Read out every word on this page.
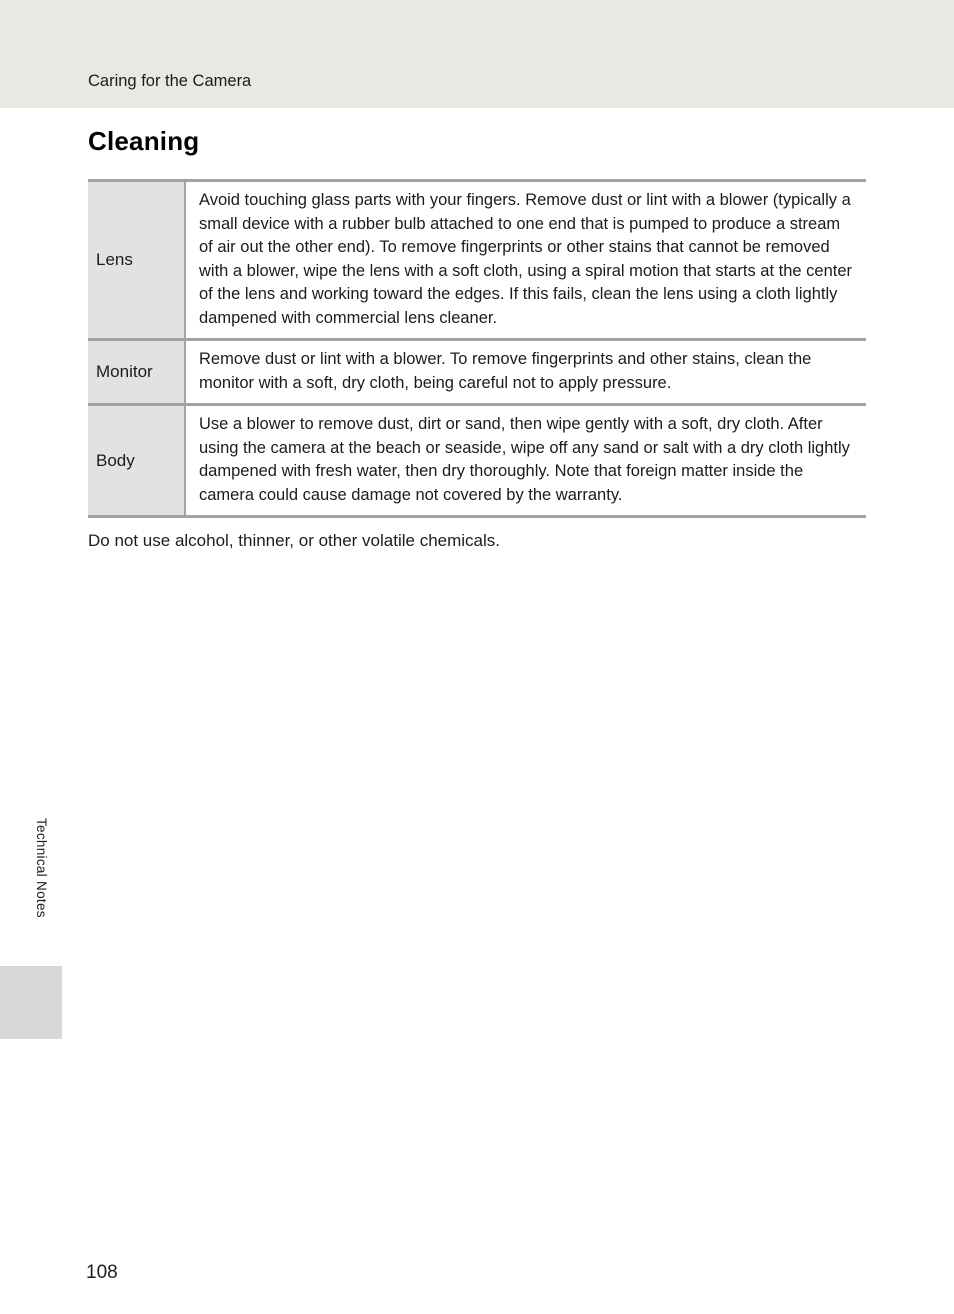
Caring for the Camera
Cleaning
Lens
Avoid touching glass parts with your fingers. Remove dust or lint with a blower (typically a small device with a rubber bulb attached to one end that is pumped to produce a stream of air out the other end). To remove fingerprints or other stains that cannot be removed with a blower, wipe the lens with a soft cloth, using a spiral motion that starts at the center of the lens and working toward the edges. If this fails, clean the lens using a cloth lightly dampened with commercial lens cleaner.
Monitor
Remove dust or lint with a blower. To remove fingerprints and other stains, clean the monitor with a soft, dry cloth, being careful not to apply pressure.
Body
Use a blower to remove dust, dirt or sand, then wipe gently with a soft, dry cloth. After using the camera at the beach or seaside, wipe off any sand or salt with a dry cloth lightly dampened with fresh water, then dry thoroughly. Note that foreign matter inside the camera could cause damage not covered by the warranty.
Do not use alcohol, thinner, or other volatile chemicals.
Technical Notes
108
